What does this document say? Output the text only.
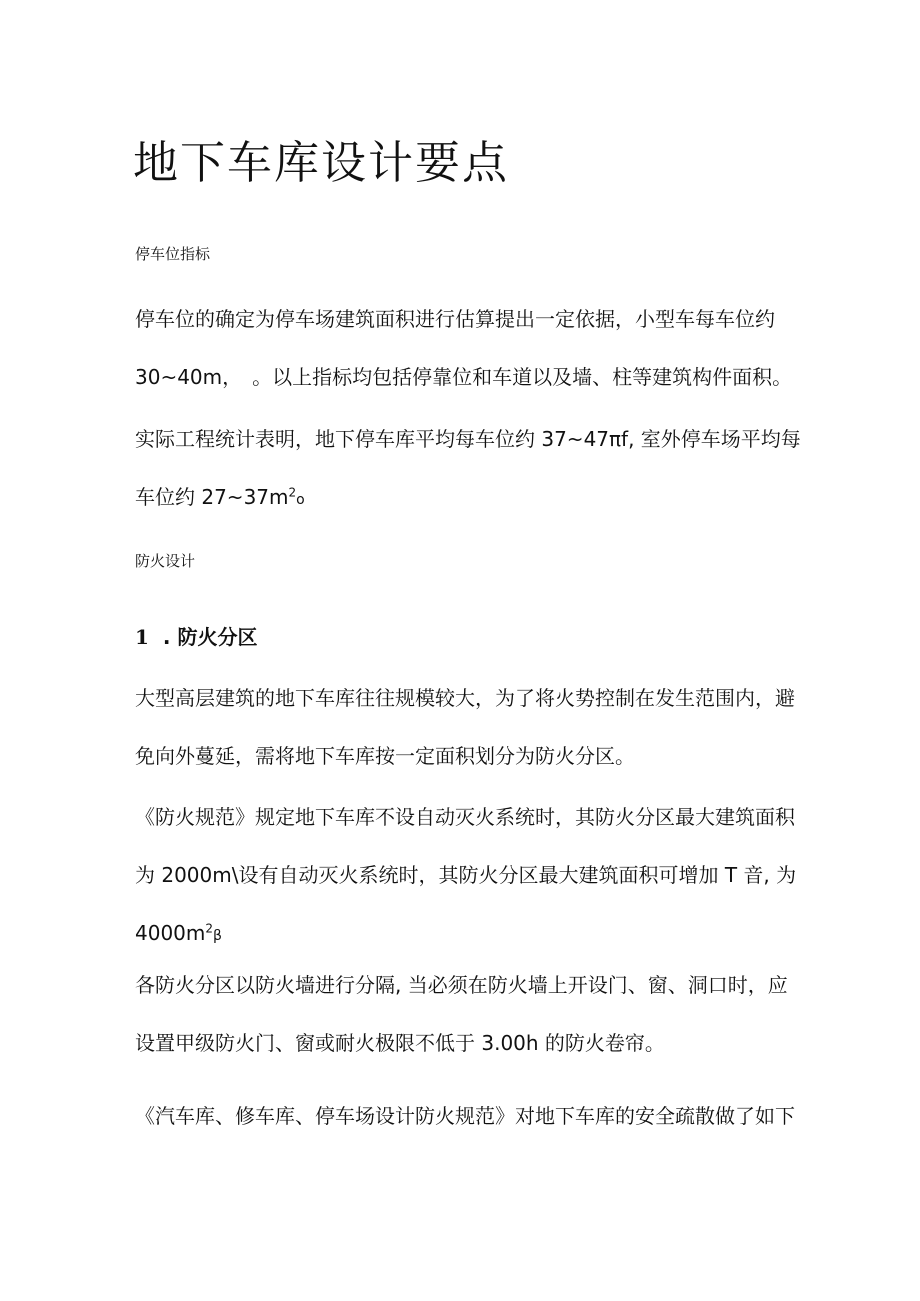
地下车库设计要点

停车位指标

停车位的确定为停车场建筑面积进行估算提出一定依据，小型车每车位约
30~40m，　。以上指标均包括停靠位和车道以及墙、柱等建筑构件面积。
实际工程统计表明，地下停车库平均每车位约 37~47πf, 室外停车场平均每
车位约 $27\sim 37m^2o$

防火设计

1 . 防火分区

大型高层建筑的地下车库往往规模较大，为了将火势控制在发生范围内，避
免向外蔓延，需将地下车库按一定面积划分为防火分区。
《防火规范》规定地下车库不设自动灭火系统时，其防火分区最大建筑面积
为 2000m\设有自动灭火系统时，其防火分区最大建筑面积可增加 T 音, 为
$4000m^2\beta$
各防火分区以防火墙进行分隔, 当必须在防火墙上开设门、窗、洞口时，应
设置甲级防火门、窗或耐火极限不低于 3.00h 的防火卷帘。
《汽车库、修车库、停车场设计防火规范》对地下车库的安全疏散做了如下
